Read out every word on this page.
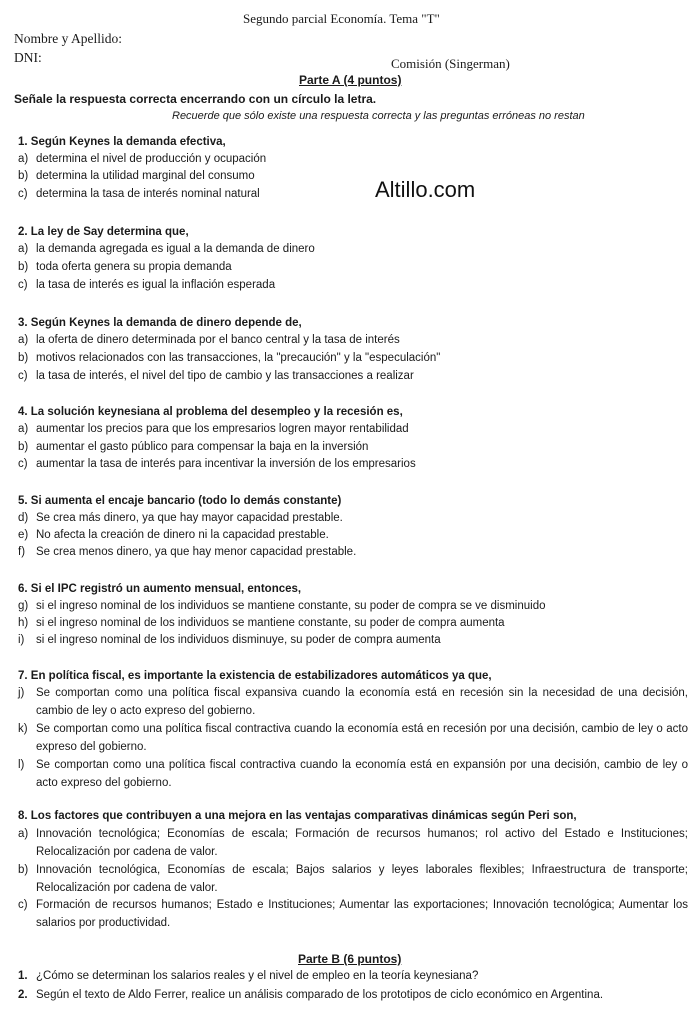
Segundo parcial Economía. Tema "T"
Nombre y Apellido:
DNI:	Comisión (Singerman)
Parte A (4 puntos)
Señale la respuesta correcta encerrando con un círculo la letra.
Recuerde que sólo existe una respuesta correcta y las preguntas erróneas no restan
Altillo.com
1. Según Keynes la demanda efectiva,
a) determina el nivel de producción y ocupación
b) determina la utilidad marginal del consumo
c) determina la tasa de interés nominal natural
2. La ley de Say determina que,
a) la demanda agregada es igual a la demanda de dinero
b) toda oferta genera su propia demanda
c) la tasa de interés es igual la inflación esperada
3. Según Keynes la demanda de dinero depende de,
a) la oferta de dinero determinada por el banco central y la tasa de interés
b) motivos relacionados con las transacciones, la "precaución" y la "especulación"
c) la tasa de interés, el nivel del tipo de cambio y las transacciones a realizar
4. La solución keynesiana al problema del desempleo y la recesión es,
a) aumentar los precios para que los empresarios logren mayor rentabilidad
b) aumentar el gasto público para compensar la baja en la inversión
c) aumentar la tasa de interés para incentivar la inversión de los empresarios
5. Si aumenta el encaje bancario (todo lo demás constante)
d) Se crea más dinero, ya que hay mayor capacidad prestable.
e) No afecta la creación de dinero ni la capacidad prestable.
f) Se crea menos dinero, ya que hay menor capacidad prestable.
6. Si el IPC registró un aumento mensual, entonces,
g) si el ingreso nominal de los individuos se mantiene constante, su poder de compra se ve disminuido
h) si el ingreso nominal de los individuos se mantiene constante, su poder de compra aumenta
i)	si el ingreso nominal de los individuos disminuye, su poder de compra aumenta
7. En política fiscal, es importante la existencia de estabilizadores automáticos ya que,
j)	Se comportan como una política fiscal expansiva cuando la economía está en recesión sin la necesidad de una decisión, cambio de ley o acto expreso del gobierno.
k) Se comportan como una política fiscal contractiva cuando la economía está en recesión por una decisión, cambio de ley o acto expreso del gobierno.
l)	Se comportan como una política fiscal contractiva cuando la economía está en expansión por una decisión, cambio de ley o acto expreso del gobierno.
8. Los factores que contribuyen a una mejora en las ventajas comparativas dinámicas según Peri son,
a) Innovación tecnológica; Economías de escala; Formación de recursos humanos; rol activo del Estado e Instituciones; Relocalización por cadena de valor.
b) Innovación tecnológica, Economías de escala; Bajos salarios y leyes laborales flexibles; Infraestructura de transporte; Relocalización por cadena de valor.
c) Formación de recursos humanos; Estado e Instituciones; Aumentar las exportaciones; Innovación tecnológica; Aumentar los salarios por productividad.
Parte B (6 puntos)
1. ¿Cómo se determinan los salarios reales y el nivel de empleo en la teoría keynesiana?
2. Según el texto de Aldo Ferrer, realice un análisis comparado de los prototipos de ciclo económico en Argentina.
